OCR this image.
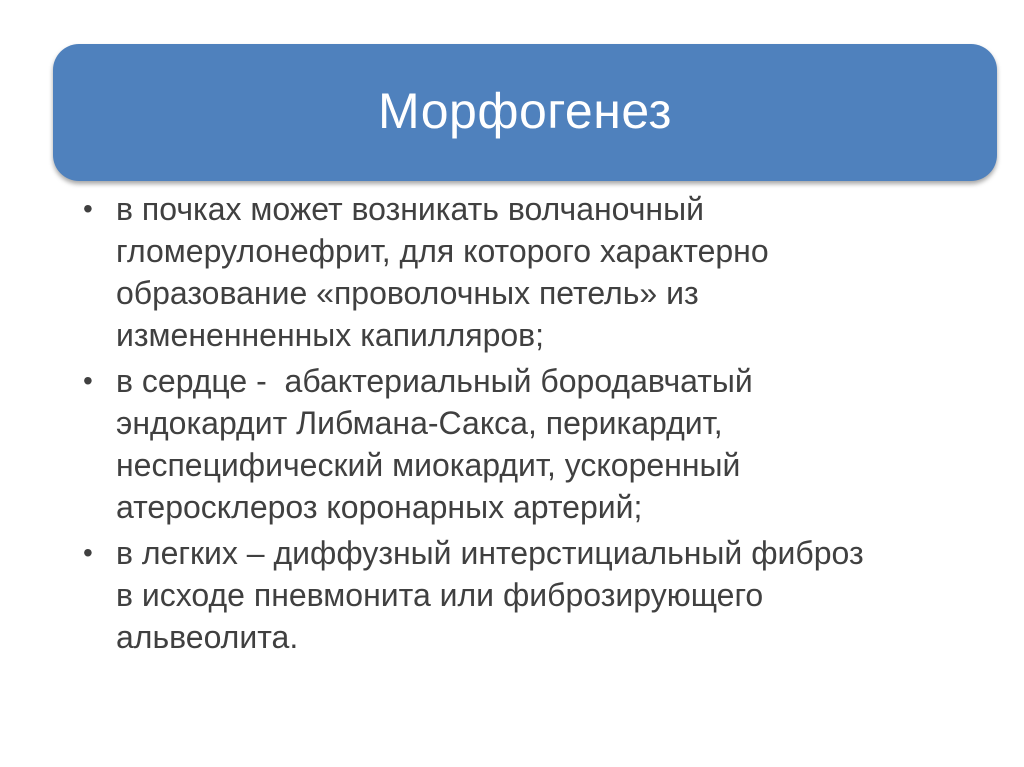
Морфогенез
• в почках может возникать волчаночный
гломерулонефрит, для которого характерно
образование «проволочных петель» из
измененненных капилляров;
• в сердце -  абактериальный бородавчатый
эндокардит Либмана-Сакса, перикардит,
неспецифический миокардит, ускоренный
атеросклероз коронарных артерий;
• в легких – диффузный интерстициальный фиброз
в исходе пневмонита или фиброзирующего
альвеолита.
